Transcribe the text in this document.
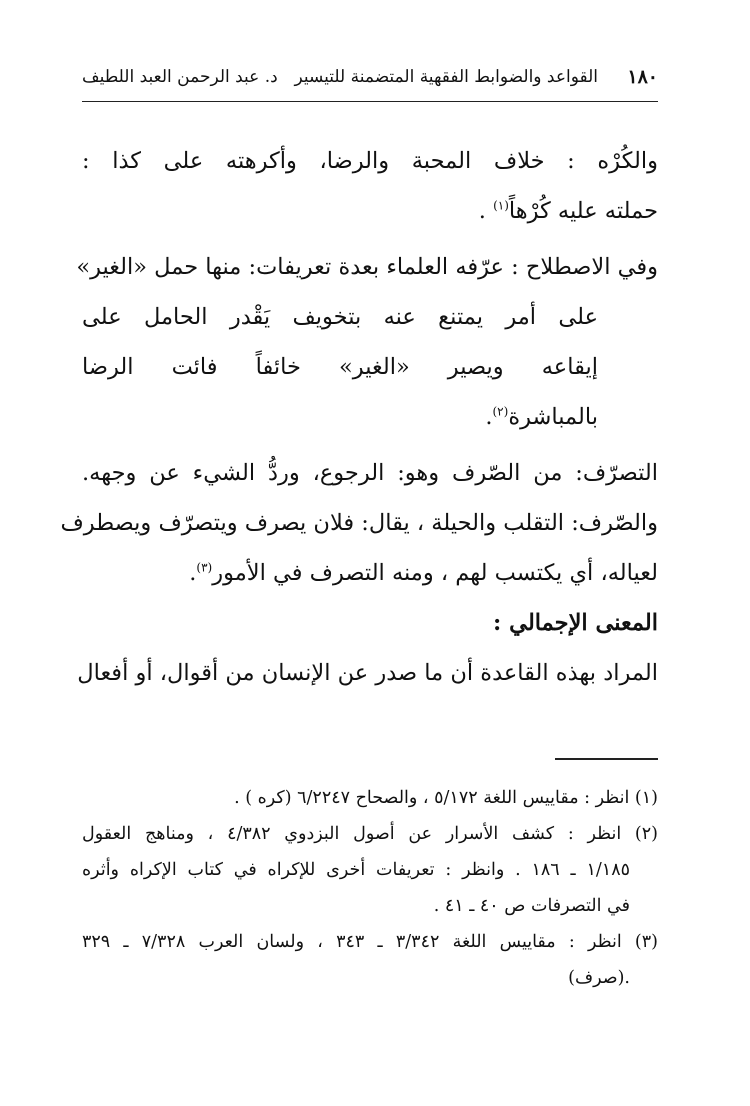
١٨٠
القواعد والضوابط الفقهية المتضمنة للتيسير
د. عبد الرحمن العبد اللطيف

والكُرْه : خلاف المحبة والرضا، وأكرهته على كذا :
حملته عليه كُرْهاً$^{(١)}$ .

وفي الاصطلاح : عرّفه العلماء بعدة تعريفات: منها حمل «الغير»
على أمر يمتنع عنه بتخويف يَقْدر الحامل على
إيقاعه ويصير «الغير» خائفاً فائت الرضا
بالمباشرة$^{(٢)}$.

التصرّف: من الصّرف وهو: الرجوع، وردُّ الشيء عن وجهه.
والصّرف: التقلب والحيلة ، يقال: فلان يصرف ويتصرّف ويصطرف
لعياله، أي يكتسب لهم ، ومنه التصرف في الأمور$^{(٣)}$.

المعنى الإجمالي :

المراد بهذه القاعدة أن ما صدر عن الإنسان من أقوال، أو أفعال

(١) انظر : مقاييس اللغة ٥/١٧٢ ، والصحاح ٦/٢٢٤٧ (كره ) .
(٢) انظر : كشف الأسرار عن أصول البزدوي ٤/٣٨٢ ، ومناهج العقول
١/١٨٥ ـ ١٨٦ . وانظر : تعريفات أخرى للإكراه في كتاب الإكراه وأثره
في التصرفات ص ٤٠ ـ ٤١ .
(٣) انظر : مقاييس اللغة ٣/٣٤٢ ـ ٣٤٣ ، ولسان العرب ٧/٣٢٨ ـ ٣٢٩
.(صرف)
